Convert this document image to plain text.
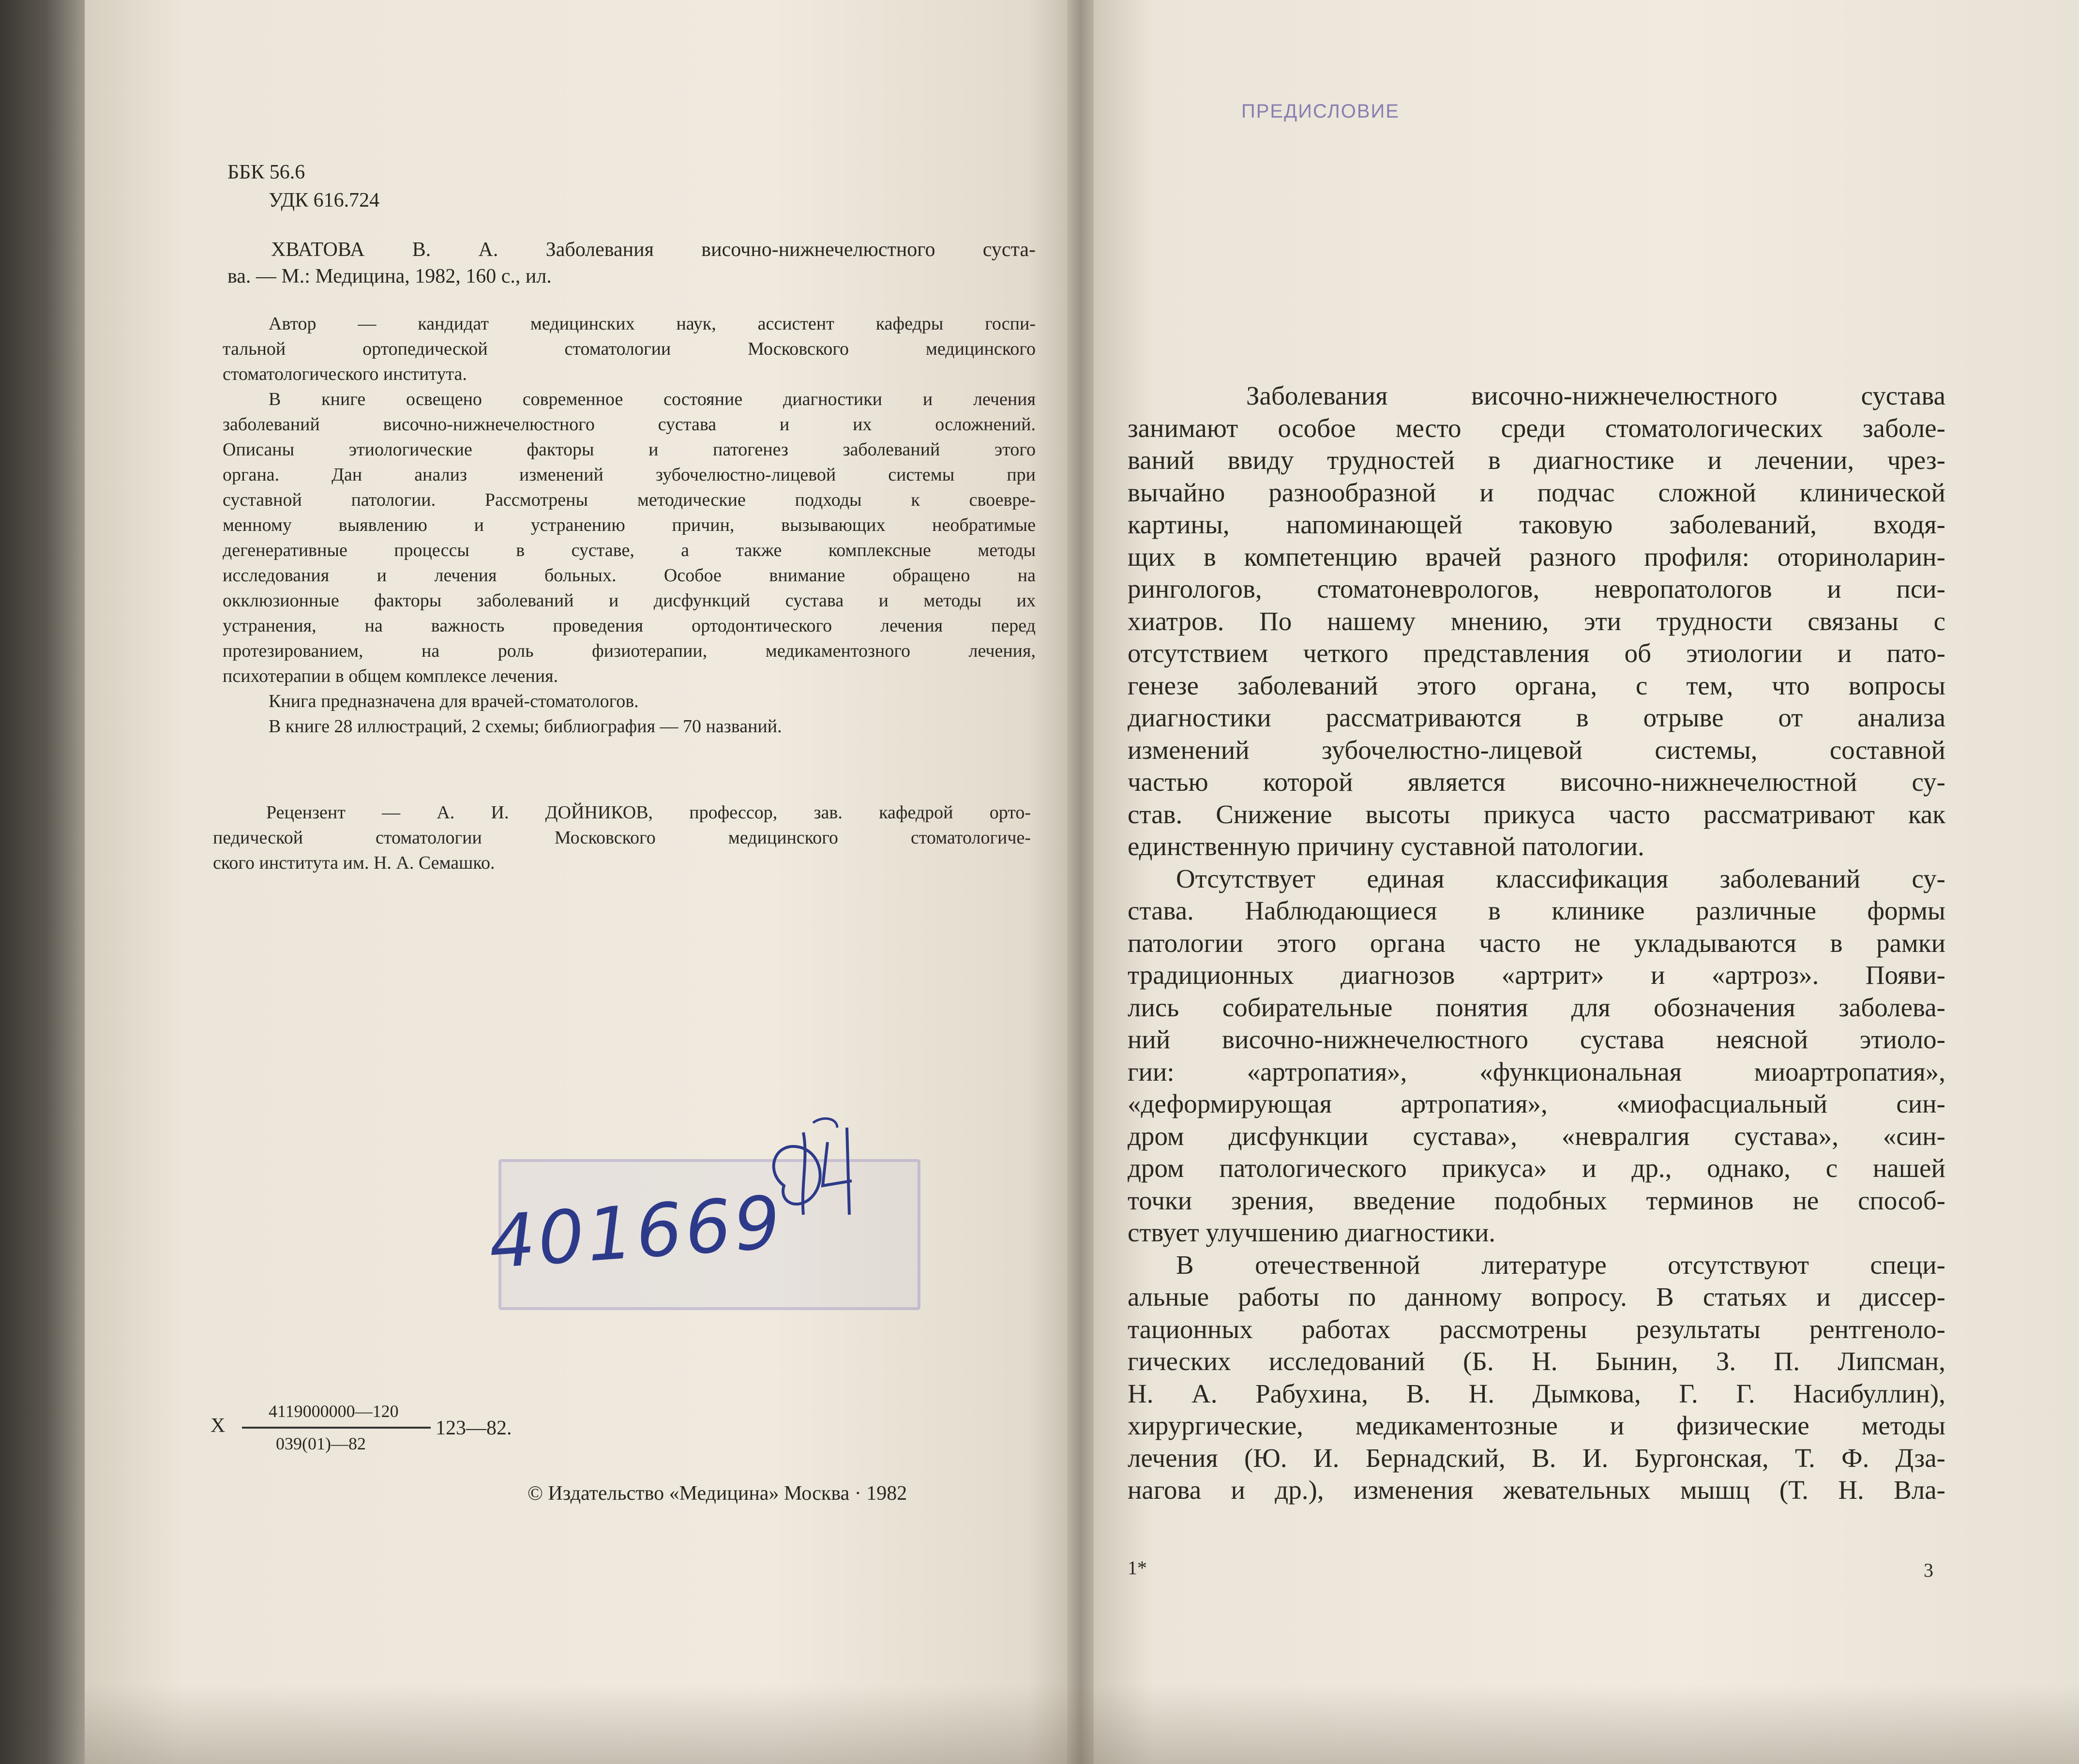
ББК 56.6
УДК 616.724
ХВАТОВА В. А. Заболевания височно-нижнечелюстного суста-
ва. — М.: Медицина, 1982, 160 с., ил.
Автор — кандидат медицинских наук, ассистент кафедры госпи-
тальной ортопедической стоматологии Московского медицинского
стоматологического института.
В книге освещено современное состояние диагностики и лечения
заболеваний височно-нижнечелюстного сустава и их осложнений.
Описаны этиологические факторы и патогенез заболеваний этого
органа. Дан анализ изменений зубочелюстно-лицевой системы при
суставной патологии. Рассмотрены методические подходы к своевре-
менному выявлению и устранению причин, вызывающих необратимые
дегенеративные процессы в суставе, а также комплексные методы
исследования и лечения больных. Особое внимание обращено на
окклюзионные факторы заболеваний и дисфункций сустава и методы их
устранения, на важность проведения ортодонтического лечения перед
протезированием, на роль физиотерапии, медикаментозного лечения,
психотерапии в общем комплексе лечения.
Книга предназначена для врачей-стоматологов.
В книге 28 иллюстраций, 2 схемы; библиография — 70 названий.
Рецензент — А. И. ДОЙНИКОВ, профессор, зав. кафедрой орто-
педической стоматологии Московского медицинского стоматологиче-
ского института им. Н. А. Семашко.
401669
Х
4119000000—120
039(01)—82
123—82.
© Издательство «Медицина» Москва · 1982
ПРЕДИСЛОВИЕ
Заболевания височно-нижнечелюстного сустава
занимают особое место среди стоматологических заболе-
ваний ввиду трудностей в диагностике и лечении, чрез-
вычайно разнообразной и подчас сложной клинической
картины, напоминающей таковую заболеваний, входя-
щих в компетенцию врачей разного профиля: оториноларин-
рингологов, стоматоневрологов, невропатологов и пси-
хиатров. По нашему мнению, эти трудности связаны с
отсутствием четкого представления об этиологии и пато-
генезе заболеваний этого органа, с тем, что вопросы
диагностики рассматриваются в отрыве от анализа
изменений зубочелюстно-лицевой системы, составной
частью которой является височно-нижнечелюстной су-
став. Снижение высоты прикуса часто рассматривают как
единственную причину суставной патологии.
Отсутствует единая классификация заболеваний су-
става. Наблюдающиеся в клинике различные формы
патологии этого органа часто не укладываются в рамки
традиционных диагнозов «артрит» и «артроз». Появи-
лись собирательные понятия для обозначения заболева-
ний височно-нижнечелюстного сустава неясной этиоло-
гии: «артропатия», «функциональная миоартропатия»,
«деформирующая артропатия», «миофасциальный син-
дром дисфункции сустава», «невралгия сустава», «син-
дром патологического прикуса» и др., однако, с нашей
точки зрения, введение подобных терминов не способ-
ствует улучшению диагностики.
В отечественной литературе отсутствуют специ-
альные работы по данному вопросу. В статьях и диссер-
тационных работах рассмотрены результаты рентгеноло-
гических исследований (Б. Н. Бынин, З. П. Липсман,
Н. А. Рабухина, В. Н. Дымкова, Г. Г. Насибуллин),
хирургические, медикаментозные и физические методы
лечения (Ю. И. Бернадский, В. И. Бургонская, Т. Ф. Дза-
нагова и др.), изменения жевательных мышц (Т. Н. Вла-
1*	3
